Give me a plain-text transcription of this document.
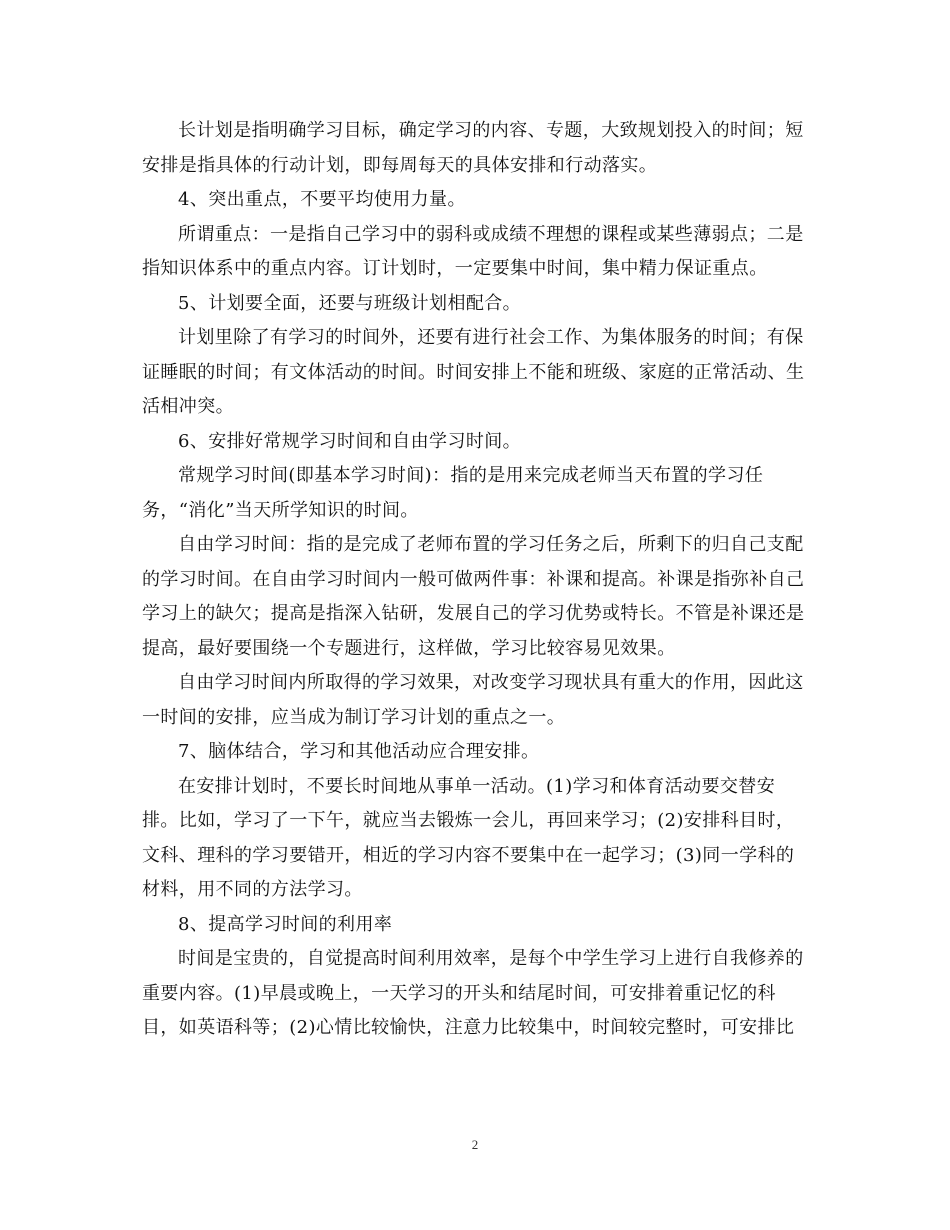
长计划是指明确学习目标，确定学习的内容、专题，大致规划投入的时间；短
安排是指具体的行动计划，即每周每天的具体安排和行动落实。

4、突出重点，不要平均使用力量。

所谓重点：一是指自己学习中的弱科或成绩不理想的课程或某些薄弱点；二是
指知识体系中的重点内容。订计划时，一定要集中时间，集中精力保证重点。

5、计划要全面，还要与班级计划相配合。

计划里除了有学习的时间外，还要有进行社会工作、为集体服务的时间；有保
证睡眠的时间；有文体活动的时间。时间安排上不能和班级、家庭的正常活动、生
活相冲突。

6、安排好常规学习时间和自由学习时间。

常规学习时间(即基本学习时间)：指的是用来完成老师当天布置的学习任
务，“消化”当天所学知识的时间。

自由学习时间：指的是完成了老师布置的学习任务之后，所剩下的归自己支配
的学习时间。在自由学习时间内一般可做两件事：补课和提高。补课是指弥补自己
学习上的缺欠；提高是指深入钻研，发展自己的学习优势或特长。不管是补课还是
提高，最好要围绕一个专题进行，这样做，学习比较容易见效果。

自由学习时间内所取得的学习效果，对改变学习现状具有重大的作用，因此这
一时间的安排，应当成为制订学习计划的重点之一。

7、脑体结合，学习和其他活动应合理安排。

在安排计划时，不要长时间地从事单一活动。(1)学习和体育活动要交替安
排。比如，学习了一下午，就应当去锻炼一会儿，再回来学习；(2)安排科目时，
文科、理科的学习要错开，相近的学习内容不要集中在一起学习；(3)同一学科的
材料，用不同的方法学习。

8、提高学习时间的利用率

时间是宝贵的，自觉提高时间利用效率，是每个中学生学习上进行自我修养的
重要内容。(1)早晨或晚上，一天学习的开头和结尾时间，可安排着重记忆的科
目，如英语科等；(2)心情比较愉快，注意力比较集中，时间较完整时，可安排比

2
